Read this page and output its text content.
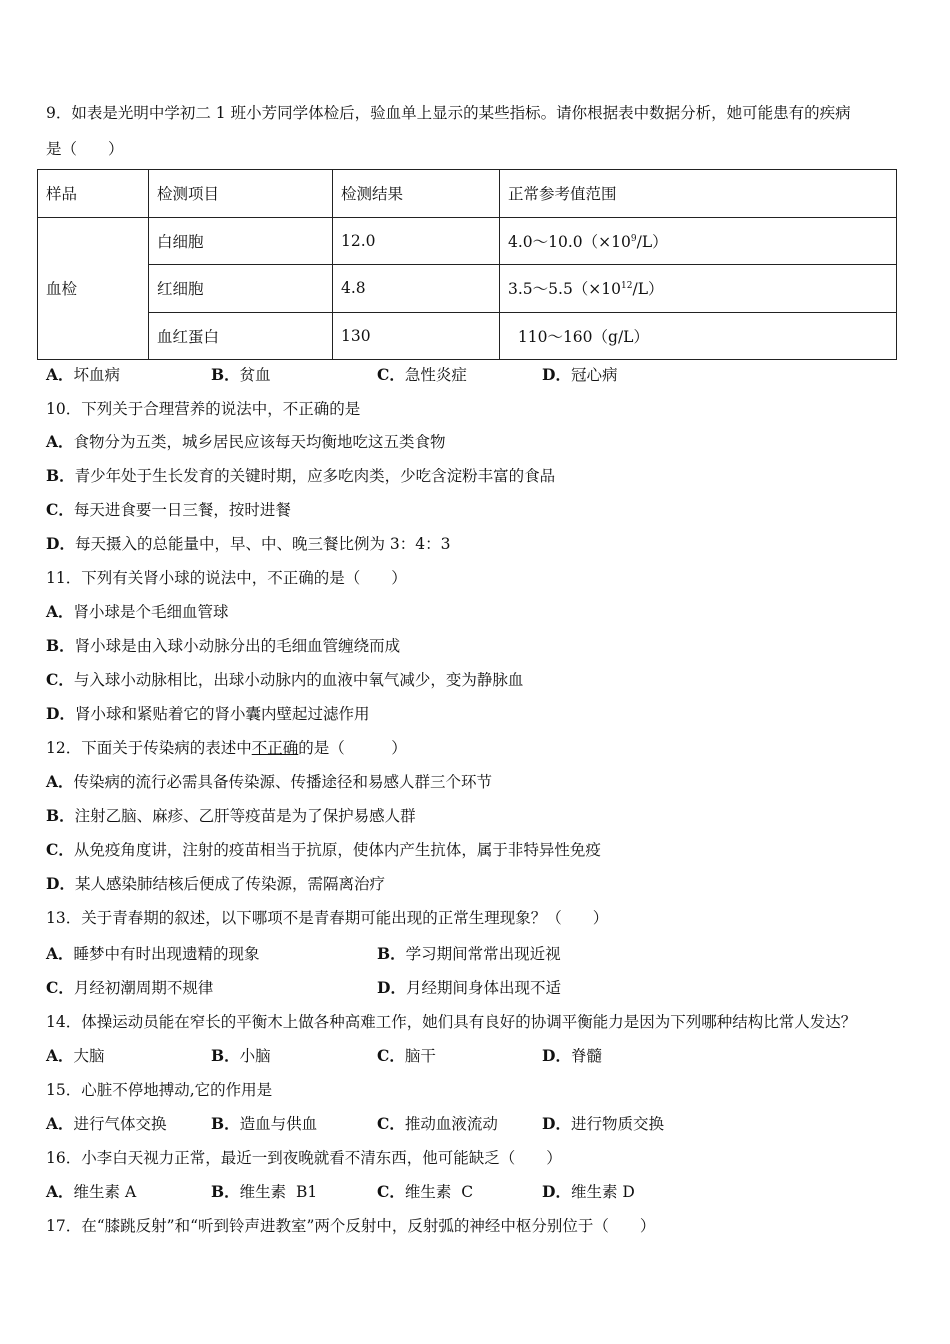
9．如表是光明中学初二 1 班小芳同学体检后，验血单上显示的某些指标。请你根据表中数据分析，她可能患有的疾病
是（　　）
样品	检测项目	检测结果	正常参考值范围
血检	白细胞	12.0	$4.0\sim 10.0(\times 10^9/L)$
	红细胞	4.8	$3.5\sim 5.5(\times 10^{12}/L)$
	血红蛋白	130	110～160（g/L）
A．坏血病	B．贫血	C．急性炎症	D．冠心病
10．下列关于合理营养的说法中，不正确的是
A．食物分为五类，城乡居民应该每天均衡地吃这五类食物
B．青少年处于生长发育的关键时期，应多吃肉类，少吃含淀粉丰富的食品
C．每天进食要一日三餐，按时进餐
D．每天摄入的总能量中，早、中、晚三餐比例为 3：4：3
11．下列有关肾小球的说法中，不正确的是（　　）
A．肾小球是个毛细血管球
B．肾小球是由入球小动脉分出的毛细血管缠绕而成
C．与入球小动脉相比，出球小动脉内的血液中氧气减少，变为静脉血
D．肾小球和紧贴着它的肾小囊内壁起过滤作用
12．下面关于传染病的表述中不正确的是（　　　）
A．传染病的流行必需具备传染源、传播途径和易感人群三个环节
B．注射乙脑、麻疹、乙肝等疫苗是为了保护易感人群
C．从免疫角度讲，注射的疫苗相当于抗原，使体内产生抗体，属于非特异性免疫
D．某人感染肺结核后便成了传染源，需隔离治疗
13．关于青春期的叙述，以下哪项不是青春期可能出现的正常生理现象？（　　）
A．睡梦中有时出现遗精的现象	B．学习期间常常出现近视
C．月经初潮周期不规律	D．月经期间身体出现不适
14．体操运动员能在窄长的平衡木上做各种高难工作，她们具有良好的协调平衡能力是因为下列哪种结构比常人发达？
A．大脑	B．小脑	C．脑干	D．脊髓
15．心脏不停地搏动,它的作用是
A．进行气体交换	B．造血与供血	C．推动血液流动	D．进行物质交换
16．小李白天视力正常，最近一到夜晚就看不清东西，他可能缺乏（　　）
A．维生素 A	B．维生素  B1	C．维生素  C	D．维生素 D
17．在“膝跳反射”和“听到铃声进教室”两个反射中，反射弧的神经中枢分别位于（　　）
